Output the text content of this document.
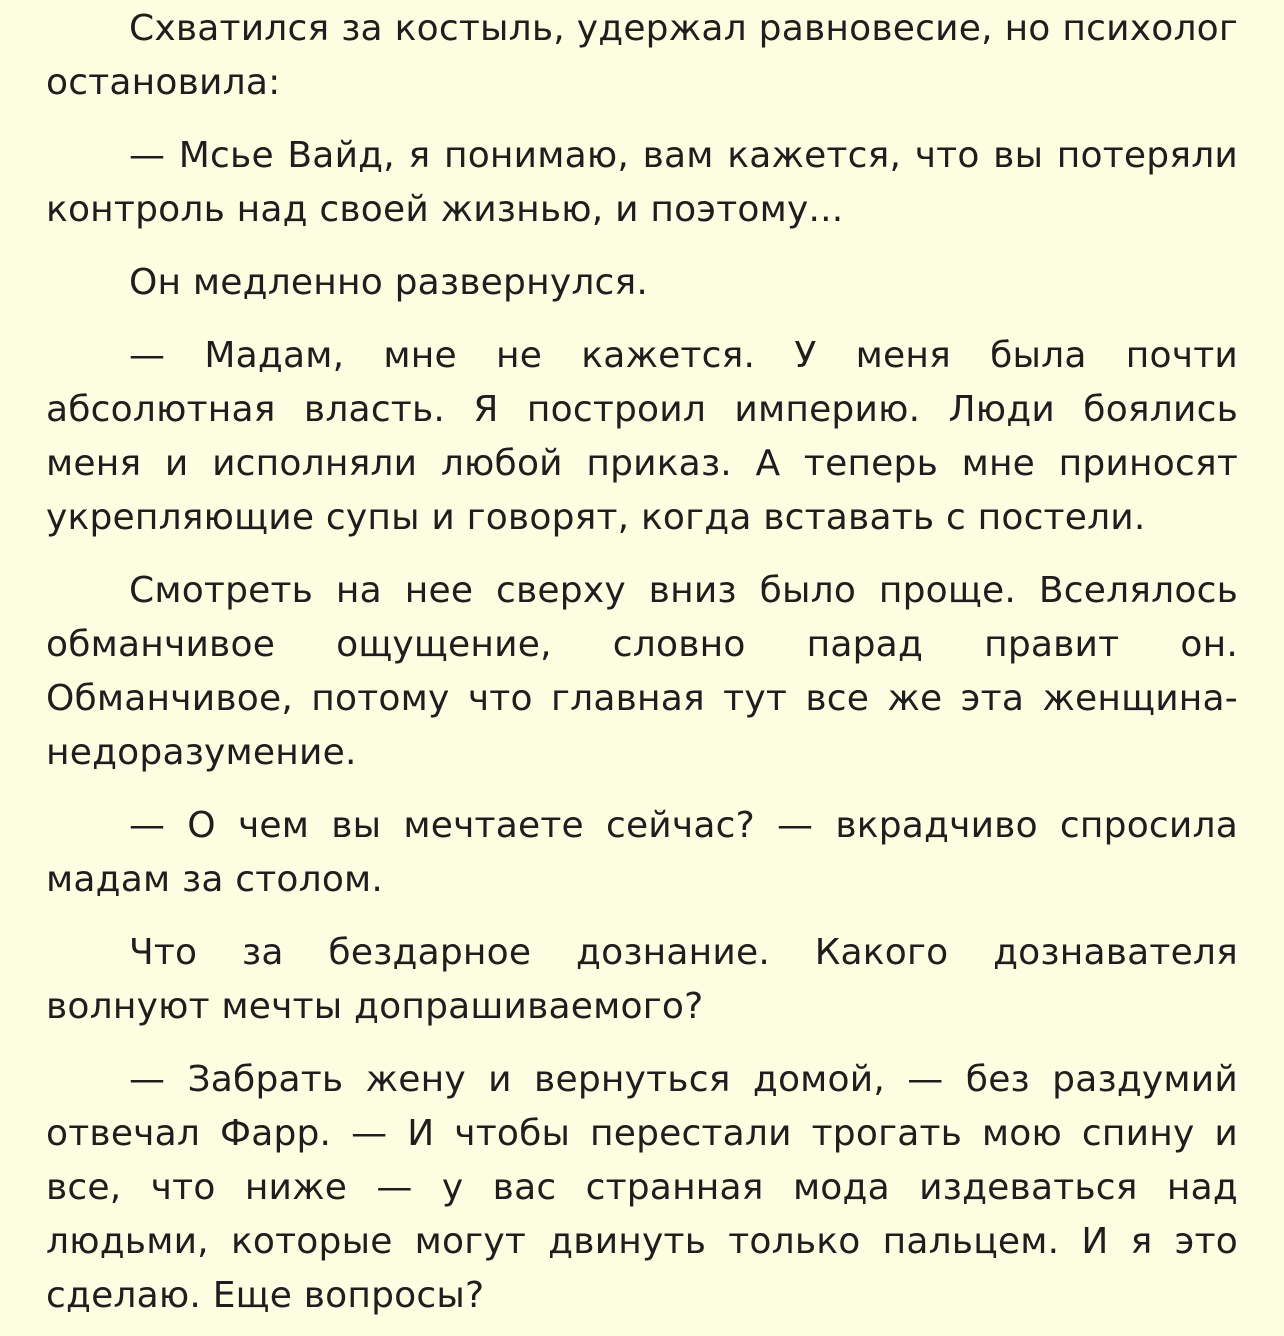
Схватился за костыль, удержал равновесие, но психолог остановила:

— Мсье Вайд, я понимаю, вам кажется, что вы потеряли контроль над своей жизнью, и поэтому...

Он медленно развернулся.

— Мадам, мне не кажется. У меня была почти абсолютная власть. Я построил империю. Люди боялись меня и исполняли любой приказ. А теперь мне приносят укрепляющие супы и говорят, когда вставать с постели.

Смотреть на нее сверху вниз было проще. Вселялось обманчивое ощущение, словно парад правит он. Обманчивое, потому что главная тут все же эта женщина-недоразумение.

— О чем вы мечтаете сейчас? — вкрадчиво спросила мадам за столом.

Что за бездарное дознание. Какого дознавателя волнуют мечты допрашиваемого?

— Забрать жену и вернуться домой, — без раздумий отвечал Фарр. — И чтобы перестали трогать мою спину и все, что ниже — у вас странная мода издеваться над людьми, которые могут двинуть только пальцем. И я это сделаю. Еще вопросы?
